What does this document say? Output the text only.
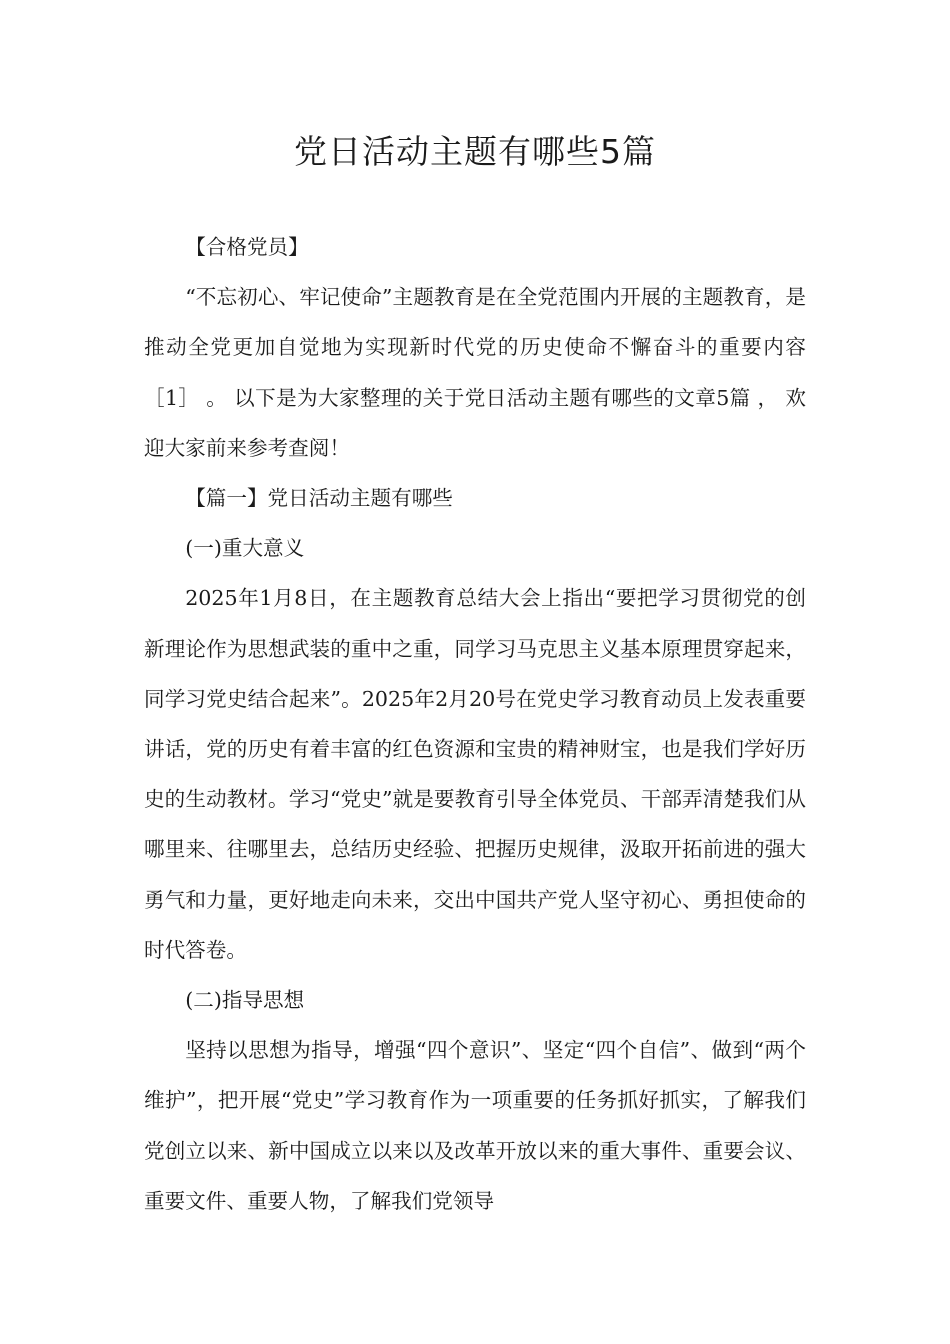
党日活动主题有哪些5篇

【合格党员】

“不忘初心、牢记使命”主题教育是在全党范围内开展的主题教育，是推动全党更加自觉地为实现新时代党的历史使命不懈奋斗的重要内容 ［1］ 。 以下是为大家整理的关于党日活动主题有哪些的文章5篇 ， 欢迎大家前来参考查阅！

【篇一】党日活动主题有哪些

(一)重大意义

2025年1月8日，在主题教育总结大会上指出“要把学习贯彻党的创新理论作为思想武装的重中之重，同学习马克思主义基本原理贯穿起来，同学习党史结合起来”。2025年2月20号在党史学习教育动员上发表重要讲话，党的历史有着丰富的红色资源和宝贵的精神财宝，也是我们学好历史的生动教材。学习“党史”就是要教育引导全体党员、干部弄清楚我们从哪里来、往哪里去，总结历史经验、把握历史规律，汲取开拓前进的强大勇气和力量，更好地走向未来，交出中国共产党人坚守初心、勇担使命的时代答卷。

(二)指导思想

坚持以思想为指导，增强“四个意识”、坚定“四个自信”、做到“两个维护”，把开展“党史”学习教育作为一项重要的任务抓好抓实，了解我们党创立以来、新中国成立以来以及改革开放以来的重大事件、重要会议、重要文件、重要人物，了解我们党领导
